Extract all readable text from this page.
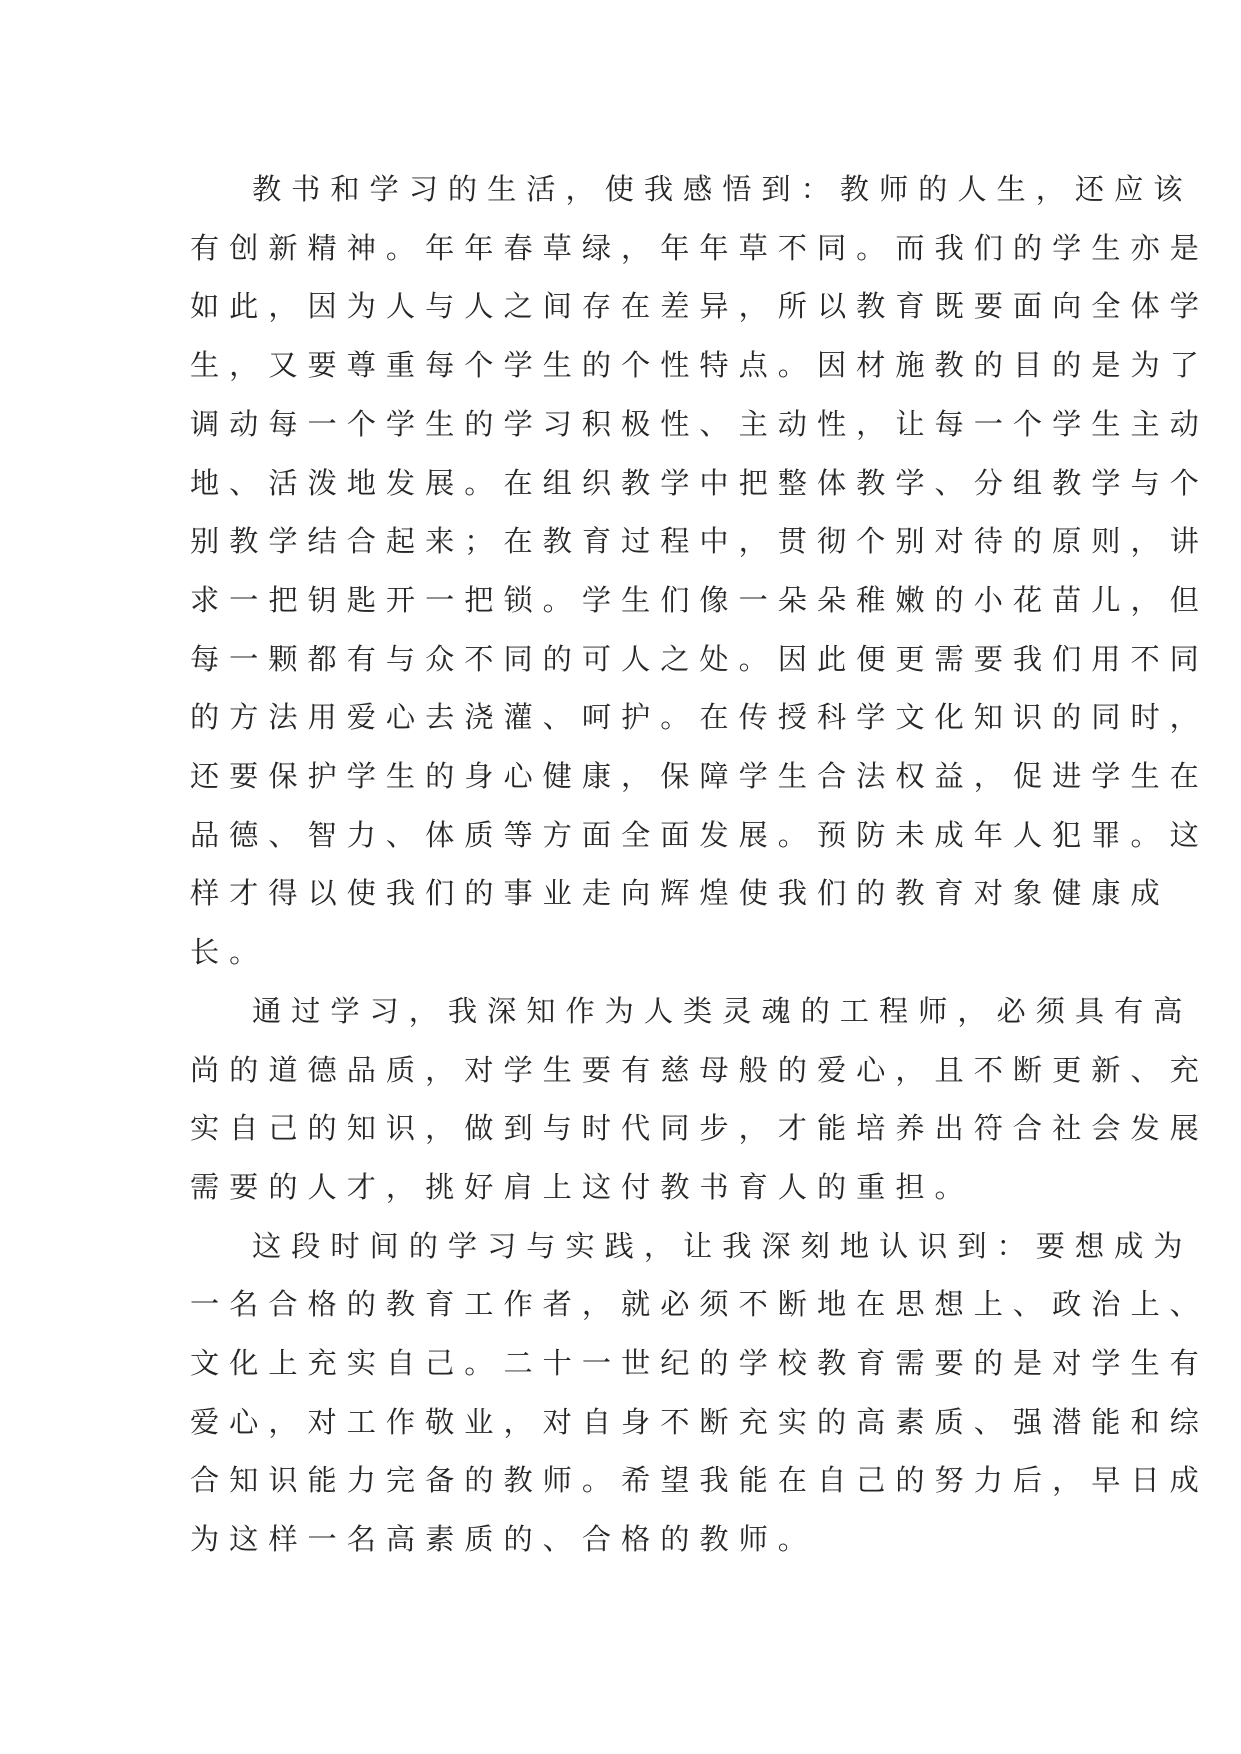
教书和学习的生活，使我感悟到：教师的人生，还应该
有创新精神。年年春草绿，年年草不同。而我们的学生亦是
如此，因为人与人之间存在差异，所以教育既要面向全体学
生，又要尊重每个学生的个性特点。因材施教的目的是为了
调动每一个学生的学习积极性、主动性，让每一个学生主动
地、活泼地发展。在组织教学中把整体教学、分组教学与个
别教学结合起来；在教育过程中，贯彻个别对待的原则，讲
求一把钥匙开一把锁。学生们像一朵朵稚嫩的小花苗儿，但
每一颗都有与众不同的可人之处。因此便更需要我们用不同
的方法用爱心去浇灌、呵护。在传授科学文化知识的同时，
还要保护学生的身心健康，保障学生合法权益，促进学生在
品德、智力、体质等方面全面发展。预防未成年人犯罪。这
样才得以使我们的事业走向辉煌使我们的教育对象健康成
长。

通过学习，我深知作为人类灵魂的工程师，必须具有高
尚的道德品质，对学生要有慈母般的爱心，且不断更新、充
实自己的知识，做到与时代同步，才能培养出符合社会发展
需要的人才，挑好肩上这付教书育人的重担。

这段时间的学习与实践，让我深刻地认识到：要想成为
一名合格的教育工作者，就必须不断地在思想上、政治上、
文化上充实自己。二十一世纪的学校教育需要的是对学生有
爱心，对工作敬业，对自身不断充实的高素质、强潜能和综
合知识能力完备的教师。希望我能在自己的努力后，早日成
为这样一名高素质的、合格的教师。
